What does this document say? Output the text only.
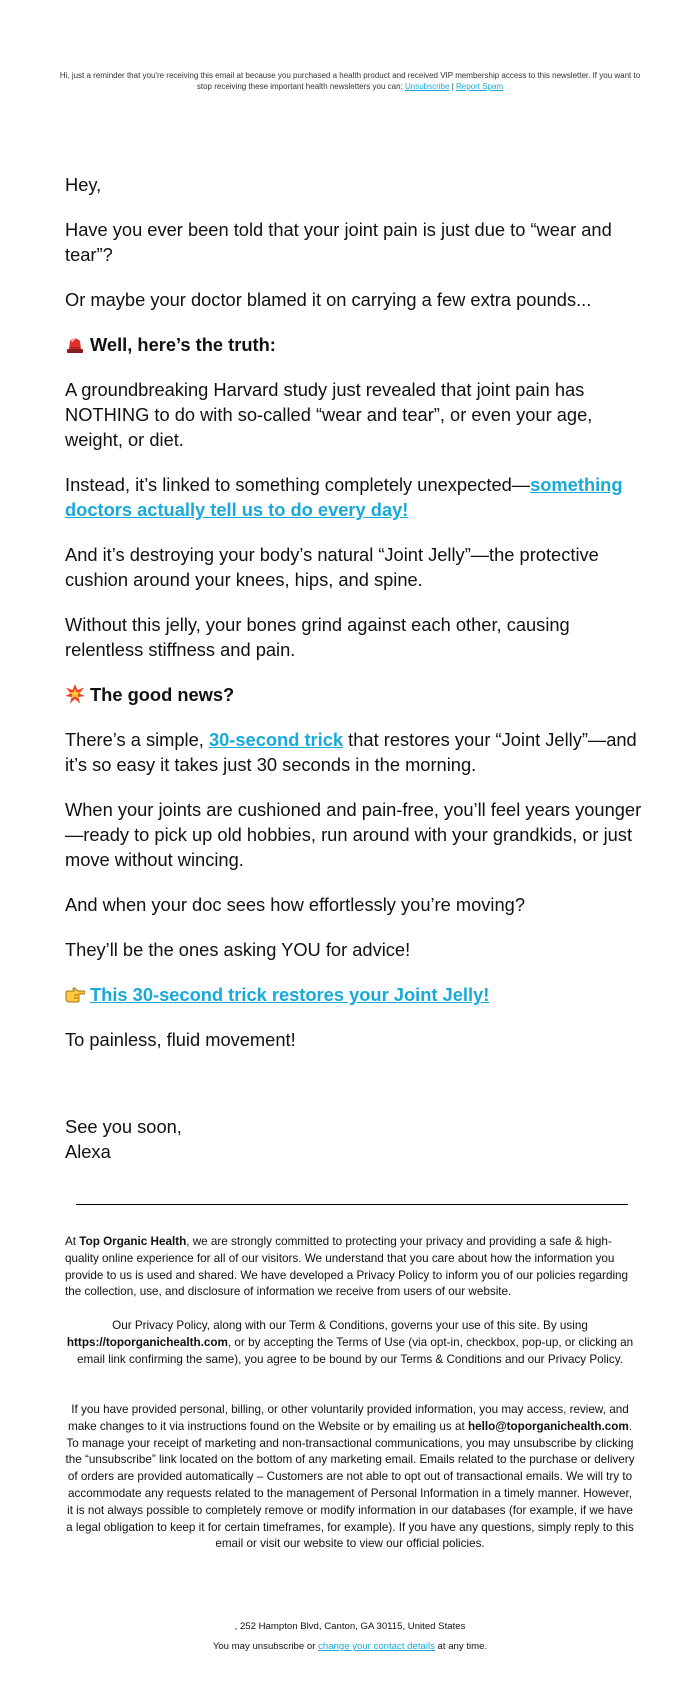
Hi, just a reminder that you're receiving this email at because you purchased a health product and received VIP membership access to this newsletter. If you want to stop receiving these important health newsletters you can: Unsubscribe | Report Spam

Hey,

Have you ever been told that your joint pain is just due to “wear and tear”?

Or maybe your doctor blamed it on carrying a few extra pounds...

Well, here’s the truth:

A groundbreaking Harvard study just revealed that joint pain has NOTHING to do with so-called “wear and tear”, or even your age, weight, or diet.

Instead, it’s linked to something completely unexpected—something doctors actually tell us to do every day!

And it’s destroying your body’s natural “Joint Jelly”—the protective cushion around your knees, hips, and spine.

Without this jelly, your bones grind against each other, causing relentless stiffness and pain.

The good news?

There’s a simple, 30-second trick that restores your “Joint Jelly”—and it’s so easy it takes just 30 seconds in the morning.

When your joints are cushioned and pain-free, you’ll feel years younger—ready to pick up old hobbies, run around with your grandkids, or just move without wincing.

And when your doc sees how effortlessly you’re moving?

They’ll be the ones asking YOU for advice!

This 30-second trick restores your Joint Jelly!

To painless, fluid movement!

See you soon,
Alexa

At Top Organic Health, we are strongly committed to protecting your privacy and providing a safe & high-quality online experience for all of our visitors. We understand that you care about how the information you provide to us is used and shared. We have developed a Privacy Policy to inform you of our policies regarding the collection, use, and disclosure of information we receive from users of our website.
Our Privacy Policy, along with our Term & Conditions, governs your use of this site. By using https://toporganichealth.com, or by accepting the Terms of Use (via opt-in, checkbox, pop-up, or clicking an email link confirming the same), you agree to be bound by our Terms & Conditions and our Privacy Policy.
If you have provided personal, billing, or other voluntarily provided information, you may access, review, and make changes to it via instructions found on the Website or by emailing us at hello@toporganichealth.com. To manage your receipt of marketing and non-transactional communications, you may unsubscribe by clicking the “unsubscribe” link located on the bottom of any marketing email. Emails related to the purchase or delivery of orders are provided automatically – Customers are not able to opt out of transactional emails. We will try to accommodate any requests related to the management of Personal Information in a timely manner. However, it is not always possible to completely remove or modify information in our databases (for example, if we have a legal obligation to keep it for certain timeframes, for example). If you have any questions, simply reply to this email or visit our website to view our official policies.
, 252 Hampton Blvd, Canton, GA 30115, United States
You may unsubscribe or change your contact details at any time.
